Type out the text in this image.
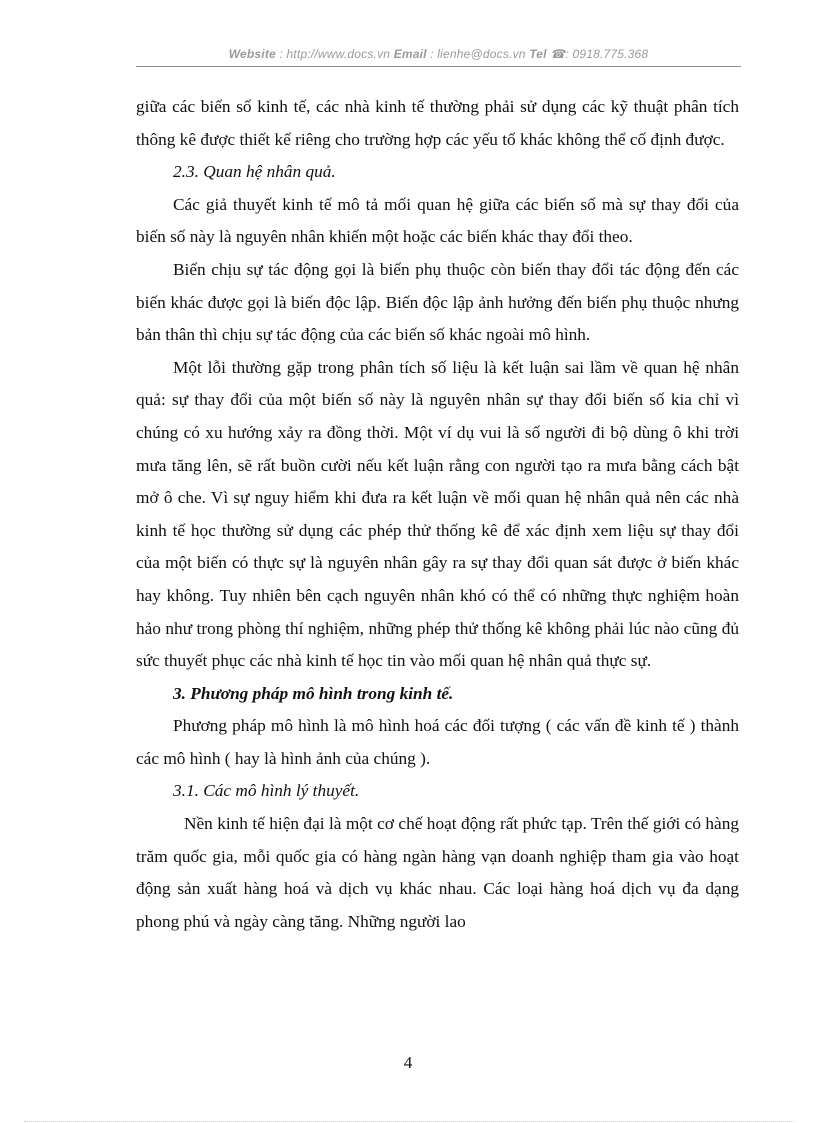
Website : http://www.docs.vn Email : lienhe@docs.vn Tel ☎: 0918.775.368

giữa các biến số kinh tế, các nhà kinh tế thường phải sử dụng các kỹ thuật phân tích thông kê được thiết kế riêng cho trường hợp các yếu tố khác không thể cố định được.

2.3. Quan hệ nhân quả.

Các giả thuyết kinh tế mô tả mối quan hệ giữa các biến số mà sự thay đổi của biến số này là nguyên nhân khiến một hoặc các biến khác thay đổi theo.

Biến chịu sự tác động gọi là biến phụ thuộc còn biến thay đổi tác động đến các biến khác được gọi là biến độc lập. Biến độc lập ảnh hưởng đến biến phụ thuộc nhưng bản thân thì chịu sự tác động của các biến số khác ngoài mô hình.

Một lỗi thường gặp trong phân tích số liệu là kết luận sai lầm về quan hệ nhân quả: sự thay đổi của một biến số này là nguyên nhân sự thay đổi biến số kia chỉ vì chúng có xu hướng xảy ra đồng thời. Một ví dụ vui là số người đi bộ dùng ô khi trời mưa tăng lên, sẽ rất buồn cười nếu kết luận rằng con người tạo ra mưa bằng cách bật mở ô che. Vì sự nguy hiểm khi đưa ra kết luận về mối quan hệ nhân quả nên các nhà kinh tế học thường sử dụng các phép thử thống kê để xác định xem liệu sự thay đổi của một biến có thực sự là nguyên nhân gây ra sự thay đổi quan sát được ở biến khác hay không. Tuy nhiên bên cạch nguyên nhân khó có thể có những thực nghiệm hoàn hảo như trong phòng thí nghiệm, những phép thử thống kê không phải lúc nào cũng đủ sức thuyết phục các nhà kinh tế học tin vào mối quan hệ nhân quả thực sự.

3. Phương pháp mô hình trong kinh tế.

Phương pháp mô hình là mô hình hoá các đối tượng ( các vấn đề kinh tế ) thành các mô hình ( hay là hình ảnh của chúng ).

3.1. Các mô hình lý thuyết.

Nền kinh tế hiện đại là một cơ chế hoạt động rất phức tạp. Trên thế giới có hàng trăm quốc gia, mỗi quốc gia có hàng ngàn hàng vạn doanh nghiệp tham gia vào hoạt động sản xuất hàng hoá và dịch vụ khác nhau. Các loại hàng hoá dịch vụ đa dạng phong phú và ngày càng tăng. Những người lao

4
